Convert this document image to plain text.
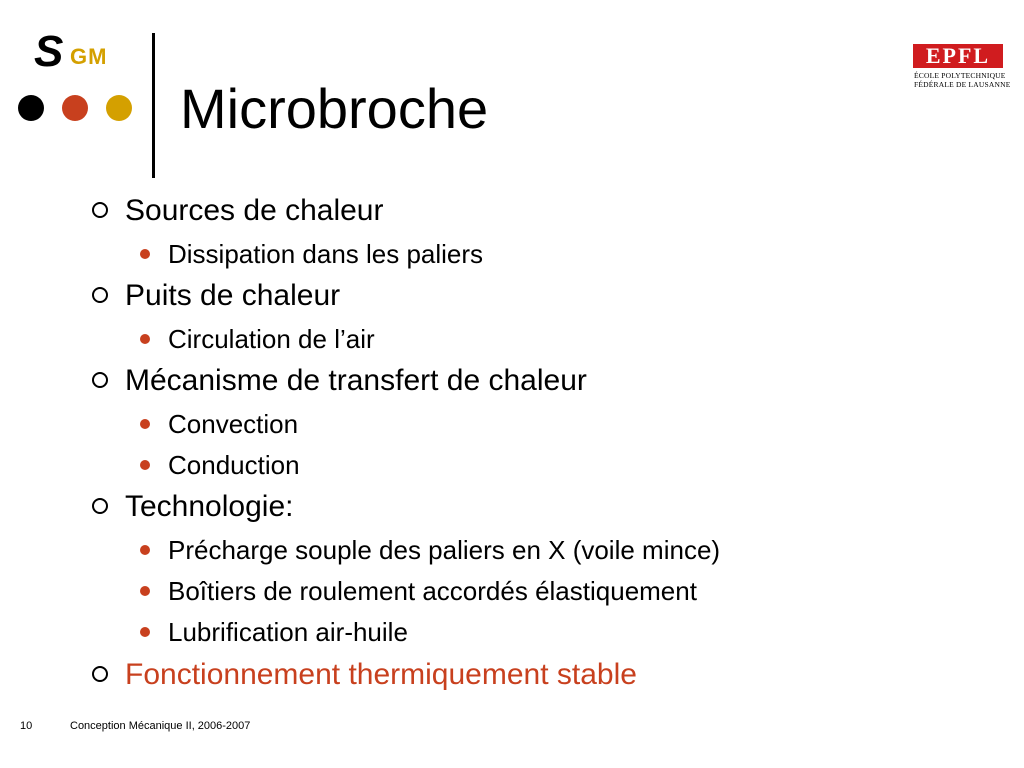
S GM
Microbroche
EPFL
ÉCOLE POLYTECHNIQUE
FÉDÉRALE DE LAUSANNE
Sources de chaleur
Dissipation dans les paliers
Puits de chaleur
Circulation de l’air
Mécanisme de transfert de chaleur
Convection
Conduction
Technologie:
Précharge souple des paliers en X (voile mince)
Boîtiers de roulement accordés élastiquement
Lubrification air-huile
Fonctionnement thermiquement stable
10	Conception Mécanique II, 2006-2007
